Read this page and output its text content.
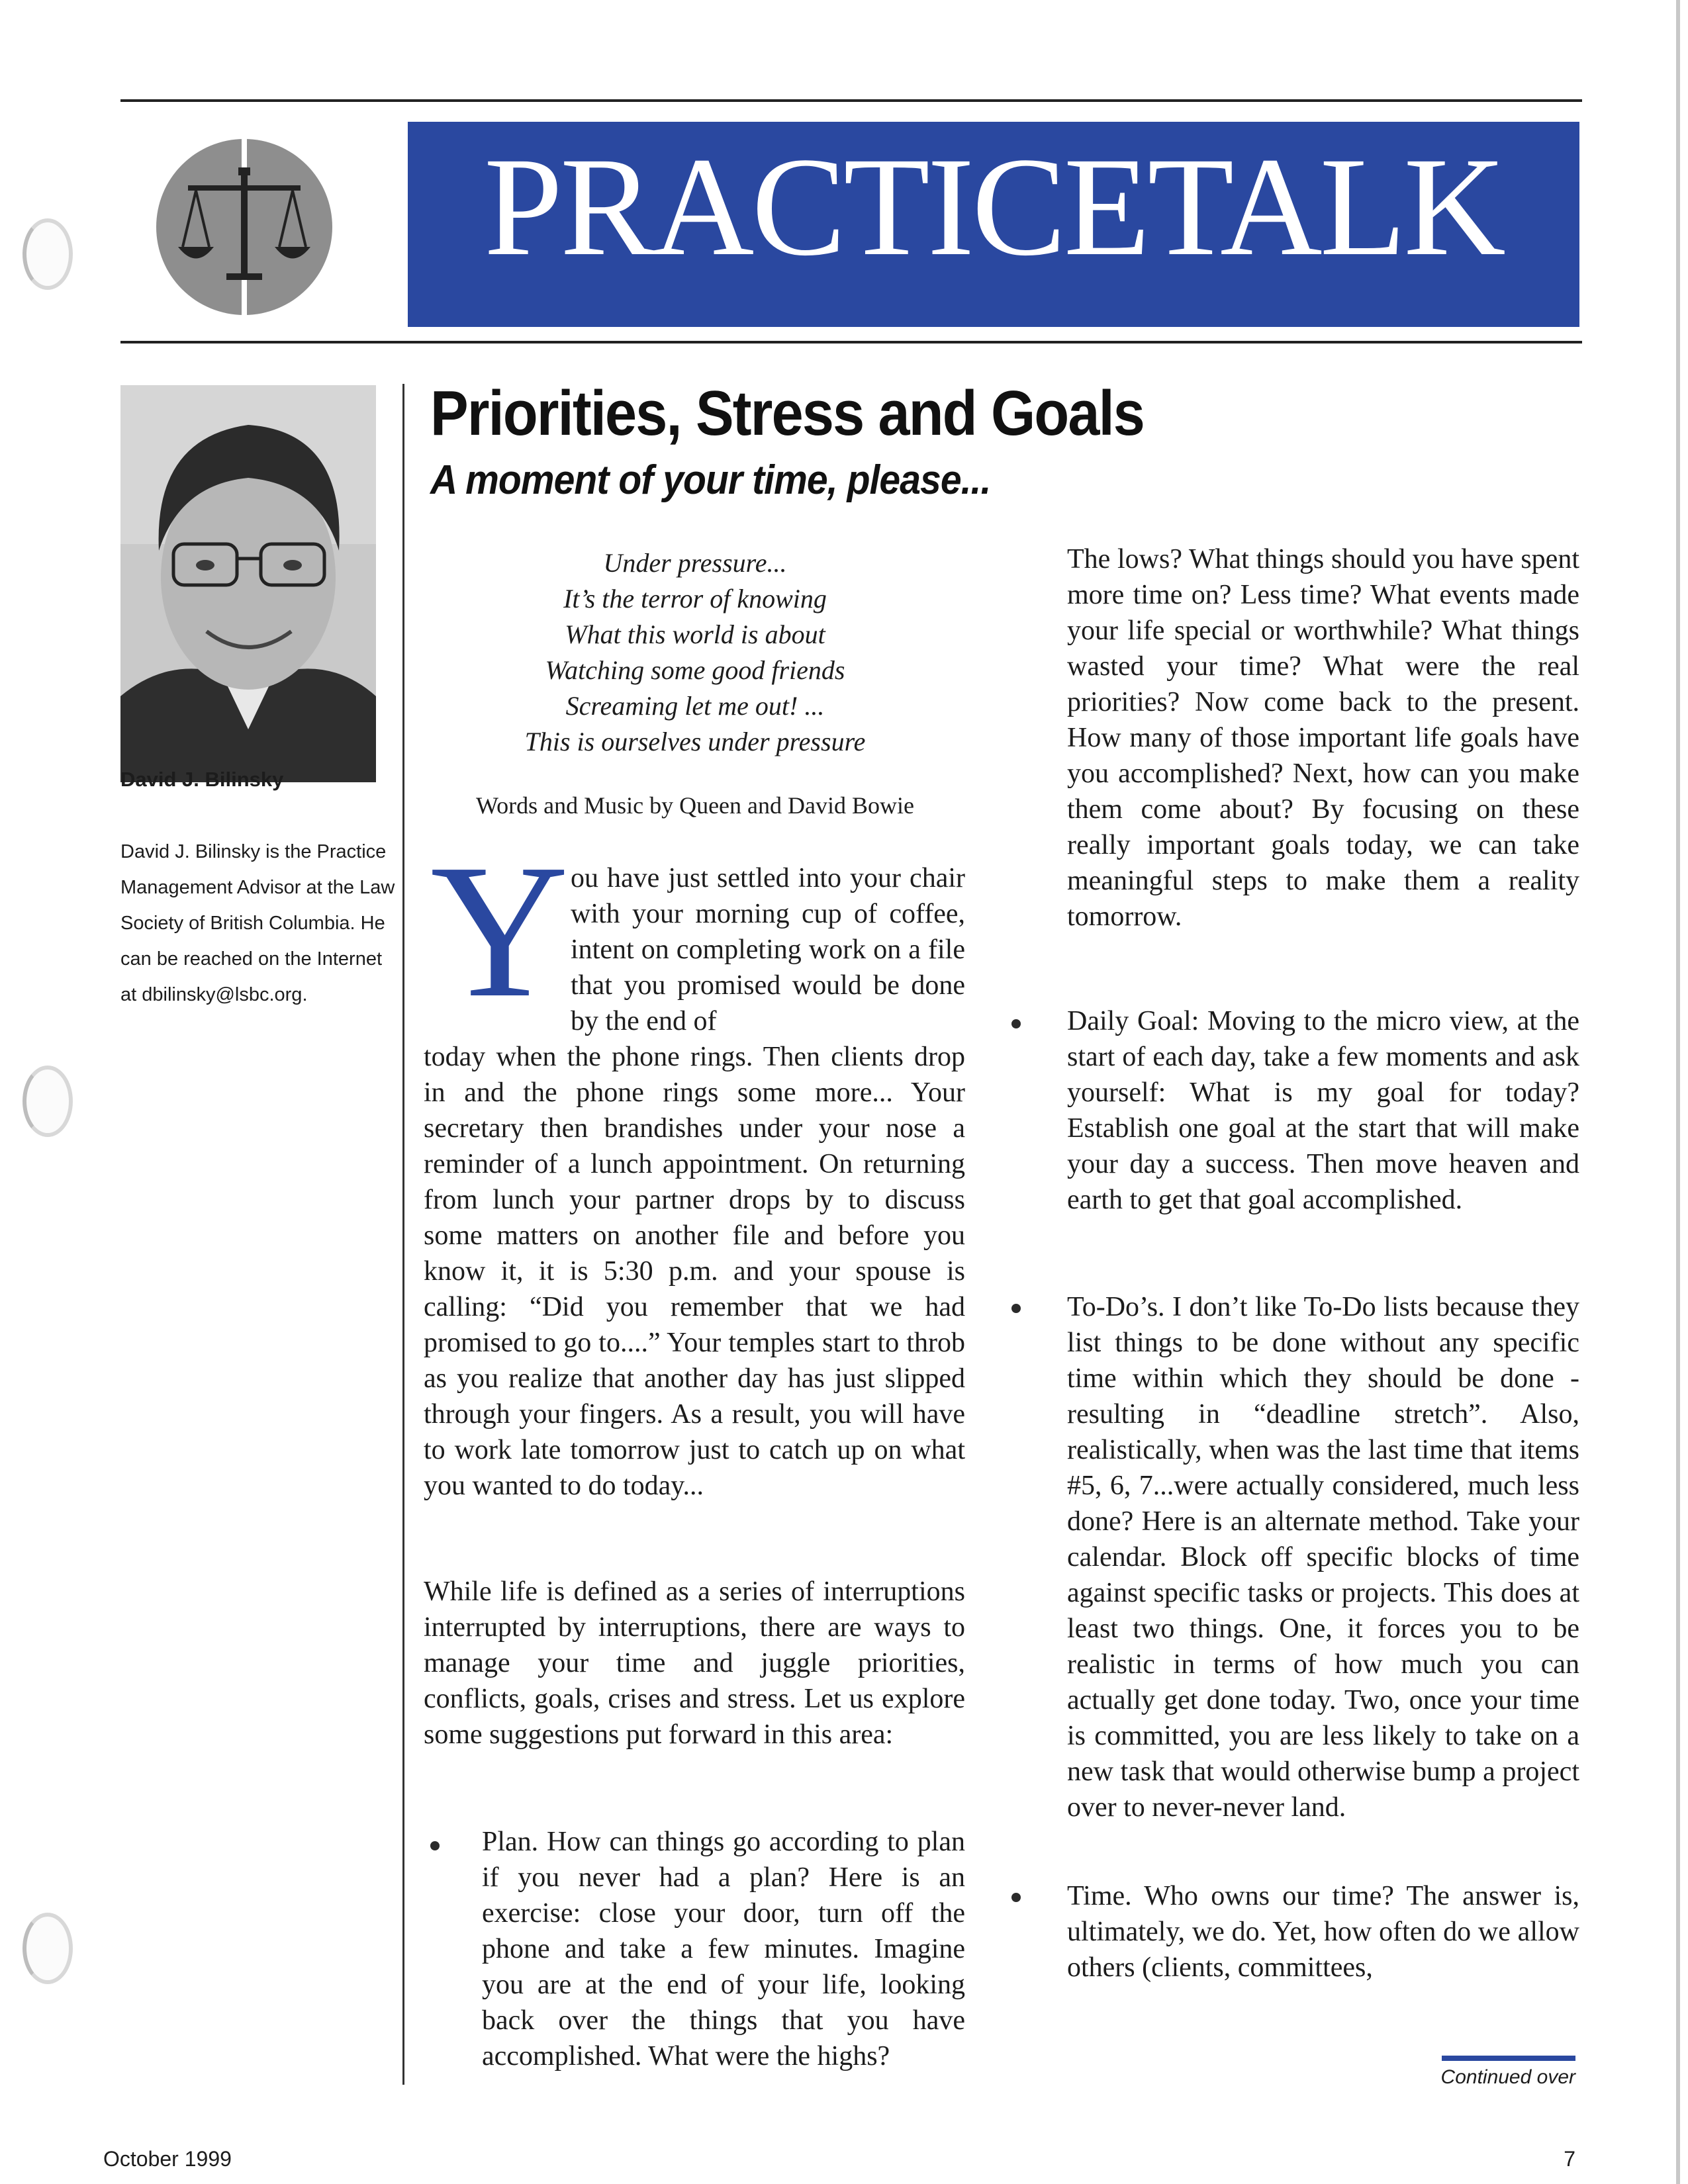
PRACTICETALK
David J. Bilinsky
David J. Bilinsky is the Practice Management Advisor at the Law Society of British Columbia. He can be reached on the Internet at dbilinsky@lsbc.org.
Priorities, Stress and Goals
A moment of your time, please...
Under pressure...
It’s the terror of knowing
What this world is about
Watching some good friends
Screaming let me out! ...
This is ourselves under pressure
Words and Music by Queen and David Bowie
Y ou have just settled into your chair with your morning cup of coffee, intent on completing work on a file that you promised would be done by the end of

today when the phone rings. Then clients drop in and the phone rings some more... Your secretary then brandishes under your nose a reminder of a lunch appointment. On returning from lunch your partner drops by to discuss some matters on another file and before you know it, it is 5:30 p.m. and your spouse is calling: “Did you remember that we had promised to go to....” Your temples start to throb as you realize that another day has just slipped through your fingers. As a result, you will have to work late tomorrow just to catch up on what you wanted to do today...

While life is defined as a series of interruptions interrupted by interruptions, there are ways to manage your time and juggle priorities, conflicts, goals, crises and stress. Let us explore some suggestions put forward in this area:

Plan. How can things go according to plan if you never had a plan? Here is an exercise: close your door, turn off the phone and take a few minutes. Imagine you are at the end of your life, looking back over the things that you have accomplished. What were the highs?

The lows? What things should you have spent more time on? Less time? What events made your life special or worthwhile? What things wasted your time? What were the real priorities? Now come back to the present. How many of those important life goals have you accomplished? Next, how can you make them come about? By focusing on these really important goals today, we can take meaningful steps to make them a reality tomorrow.

Daily Goal: Moving to the micro view, at the start of each day, take a few moments and ask yourself: What is my goal for today? Establish one goal at the start that will make your day a success. Then move heaven and earth to get that goal accomplished.

To-Do’s. I don’t like To-Do lists because they list things to be done without any specific time within which they should be done - resulting in “deadline stretch”. Also, realistically, when was the last time that items #5, 6, 7...were actually considered, much less done? Here is an alternate method. Take your calendar. Block off specific blocks of time against specific tasks or projects. This does at least two things. One, it forces you to be realistic in terms of how much you can actually get done today. Two, once your time is committed, you are less likely to take on a new task that would otherwise bump a project over to never-never land.

Time. Who owns our time? The answer is, ultimately, we do. Yet, how often do we allow others (clients, committees,

Continued over
October 1999	7
